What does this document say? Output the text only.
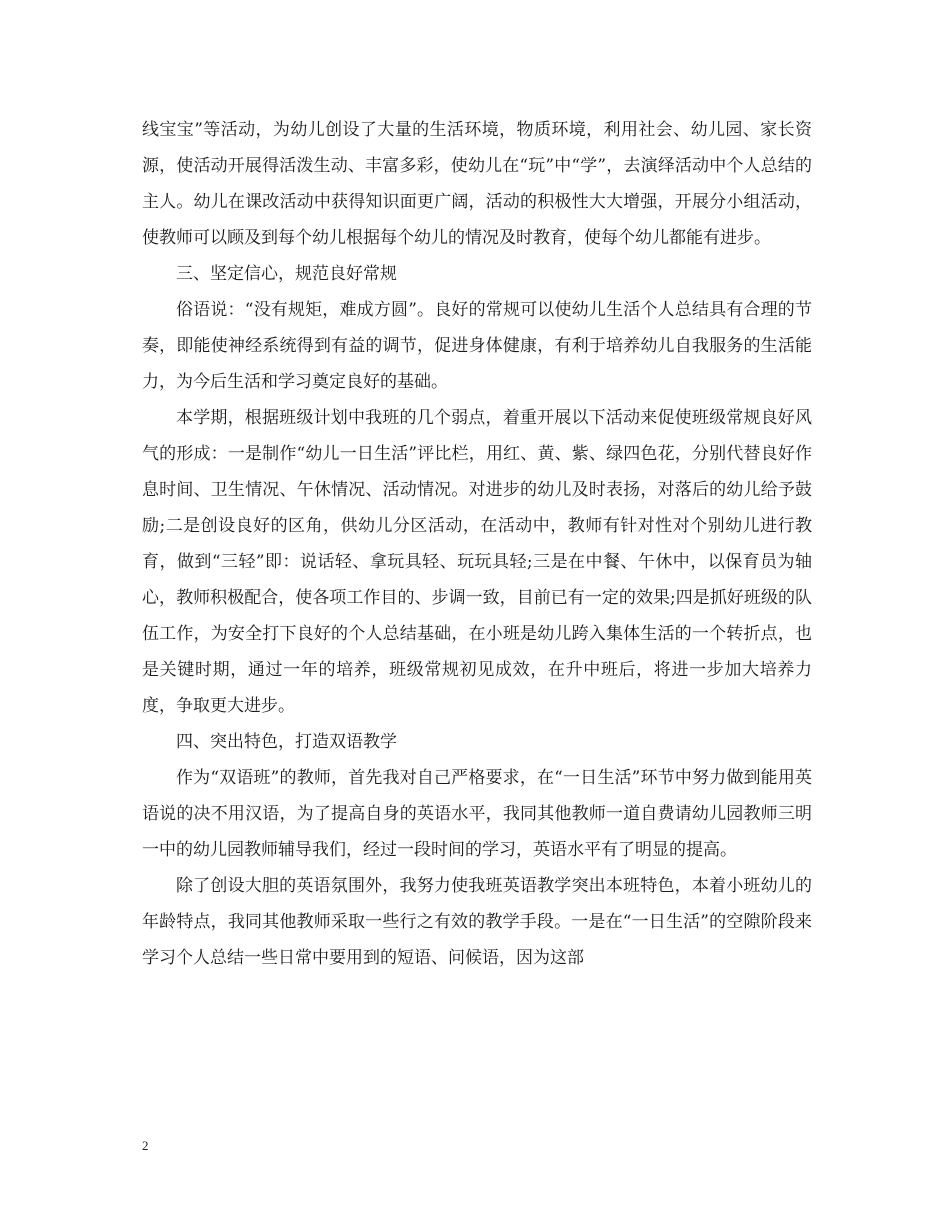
线宝宝”等活动，为幼儿创设了大量的生活环境，物质环境，利用社会、幼儿园、家长资源，使活动开展得活泼生动、丰富多彩，使幼儿在“玩”中“学”，去演绎活动中个人总结的主人。幼儿在课改活动中获得知识面更广阔，活动的积极性大大增强，开展分小组活动，使教师可以顾及到每个幼儿根据每个幼儿的情况及时教育，使每个幼儿都能有进步。

三、坚定信心，规范良好常规

俗语说：“没有规矩，难成方圆”。良好的常规可以使幼儿生活个人总结具有合理的节奏，即能使神经系统得到有益的调节，促进身体健康，有利于培养幼儿自我服务的生活能力，为今后生活和学习奠定良好的基础。

本学期，根据班级计划中我班的几个弱点，着重开展以下活动来促使班级常规良好风气的形成：一是制作“幼儿一日生活”评比栏，用红、黄、紫、绿四色花，分别代替良好作息时间、卫生情况、午休情况、活动情况。对进步的幼儿及时表扬，对落后的幼儿给予鼓励;二是创设良好的区角，供幼儿分区活动，在活动中，教师有针对性对个别幼儿进行教育，做到“三轻”即：说话轻、拿玩具轻、玩玩具轻;三是在中餐、午休中，以保育员为轴心，教师积极配合，使各项工作目的、步调一致，目前已有一定的效果;四是抓好班级的队伍工作，为安全打下良好的个人总结基础，在小班是幼儿跨入集体生活的一个转折点，也是关键时期，通过一年的培养，班级常规初见成效，在升中班后，将进一步加大培养力度，争取更大进步。

四、突出特色，打造双语教学

作为“双语班”的教师，首先我对自己严格要求，在“一日生活”环节中努力做到能用英语说的决不用汉语，为了提高自身的英语水平，我同其他教师一道自费请幼儿园教师三明一中的幼儿园教师辅导我们，经过一段时间的学习，英语水平有了明显的提高。

除了创设大胆的英语氛围外，我努力使我班英语教学突出本班特色，本着小班幼儿的年龄特点，我同其他教师采取一些行之有效的教学手段。一是在“一日生活”的空隙阶段来学习个人总结一些日常中要用到的短语、问候语，因为这部

2
